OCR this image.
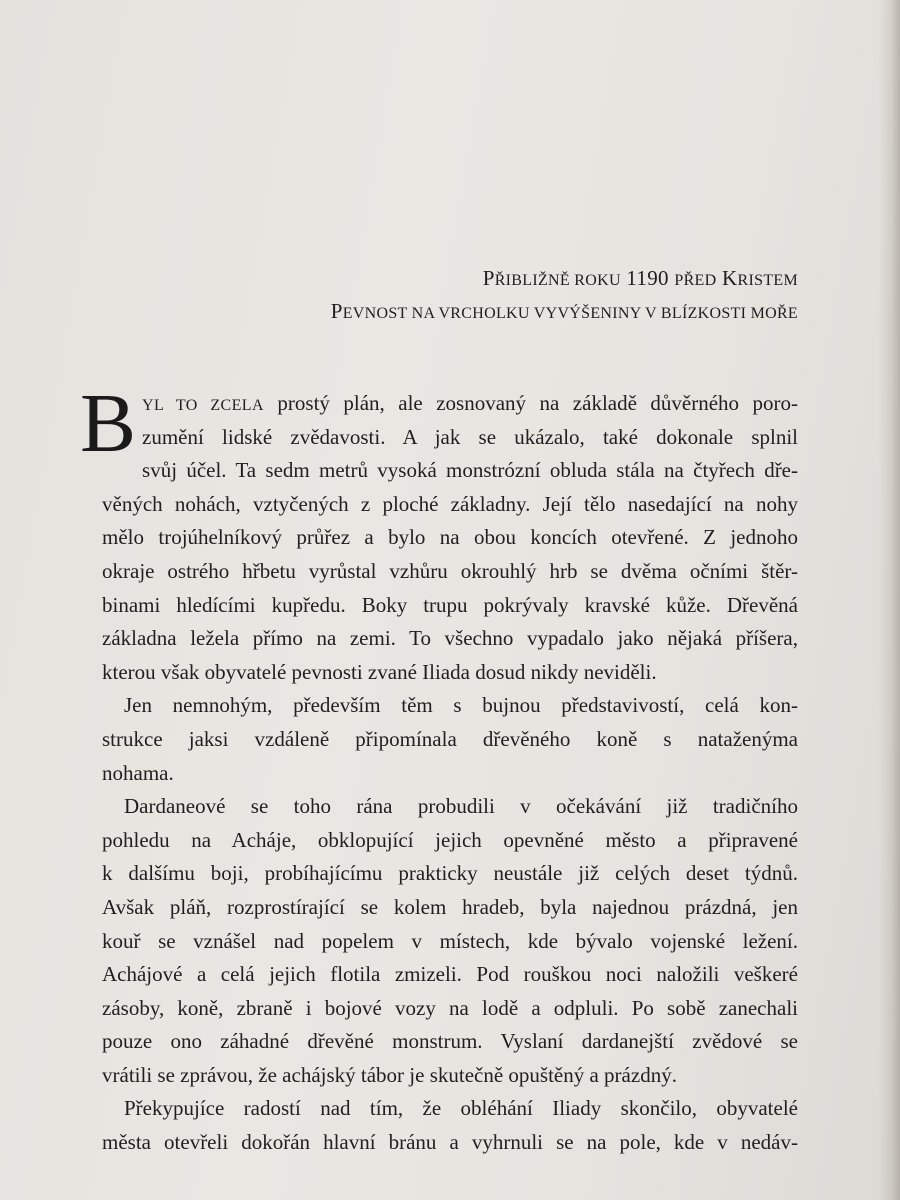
PŘIBLIŽNĚ ROKU 1190 PŘED KRISTEM
PEVNOST NA VRCHOLKU VYVÝŠENINY V BLÍZKOSTI MOŘE
B YL TO ZCELA prostý plán, ale zosnovaný na základě důvěrného poro-
zumění lidské zvědavosti. A jak se ukázalo, také dokonale splnil
svůj účel. Ta sedm metrů vysoká monstrózní obluda stála na čtyřech dře-
věných nohách, vztyčených z ploché základny. Její tělo nasedající na nohy
mělo trojúhelníkový průřez a bylo na obou koncích otevřené. Z jednoho
okraje ostrého hřbetu vyrůstal vzhůru okrouhlý hrb se dvěma očními štěr-
binami hledícími kupředu. Boky trupu pokrývaly kravské kůže. Dřevěná
základna ležela přímo na zemi. To všechno vypadalo jako nějaká příšera,
kterou však obyvatelé pevnosti zvané Iliada dosud nikdy neviděli.
Jen nemnohým, především těm s bujnou představivostí, celá kon-
strukce jaksi vzdáleně připomínala dřevěného koně s nataženýma
nohama.
Dardaneové se toho rána probudili v očekávání již tradičního
pohledu na Acháje, obklopující jejich opevněné město a připravené
k dalšímu boji, probíhajícímu prakticky neustále již celých deset týdnů.
Avšak pláň, rozprostírající se kolem hradeb, byla najednou prázdná, jen
kouř se vznášel nad popelem v místech, kde bývalo vojenské ležení.
Achájové a celá jejich flotila zmizeli. Pod rouškou noci naložili veškeré
zásoby, koně, zbraně i bojové vozy na lodě a odpluli. Po sobě zanechali
pouze ono záhadné dřevěné monstrum. Vyslaní dardanejští zvědové se
vrátili se zprávou, že achájský tábor je skutečně opuštěný a prázdný.
Překypujíce radostí nad tím, že obléhání Iliady skončilo, obyvatelé
města otevřeli dokořán hlavní bránu a vyhrnuli se na pole, kde v nedáv-
